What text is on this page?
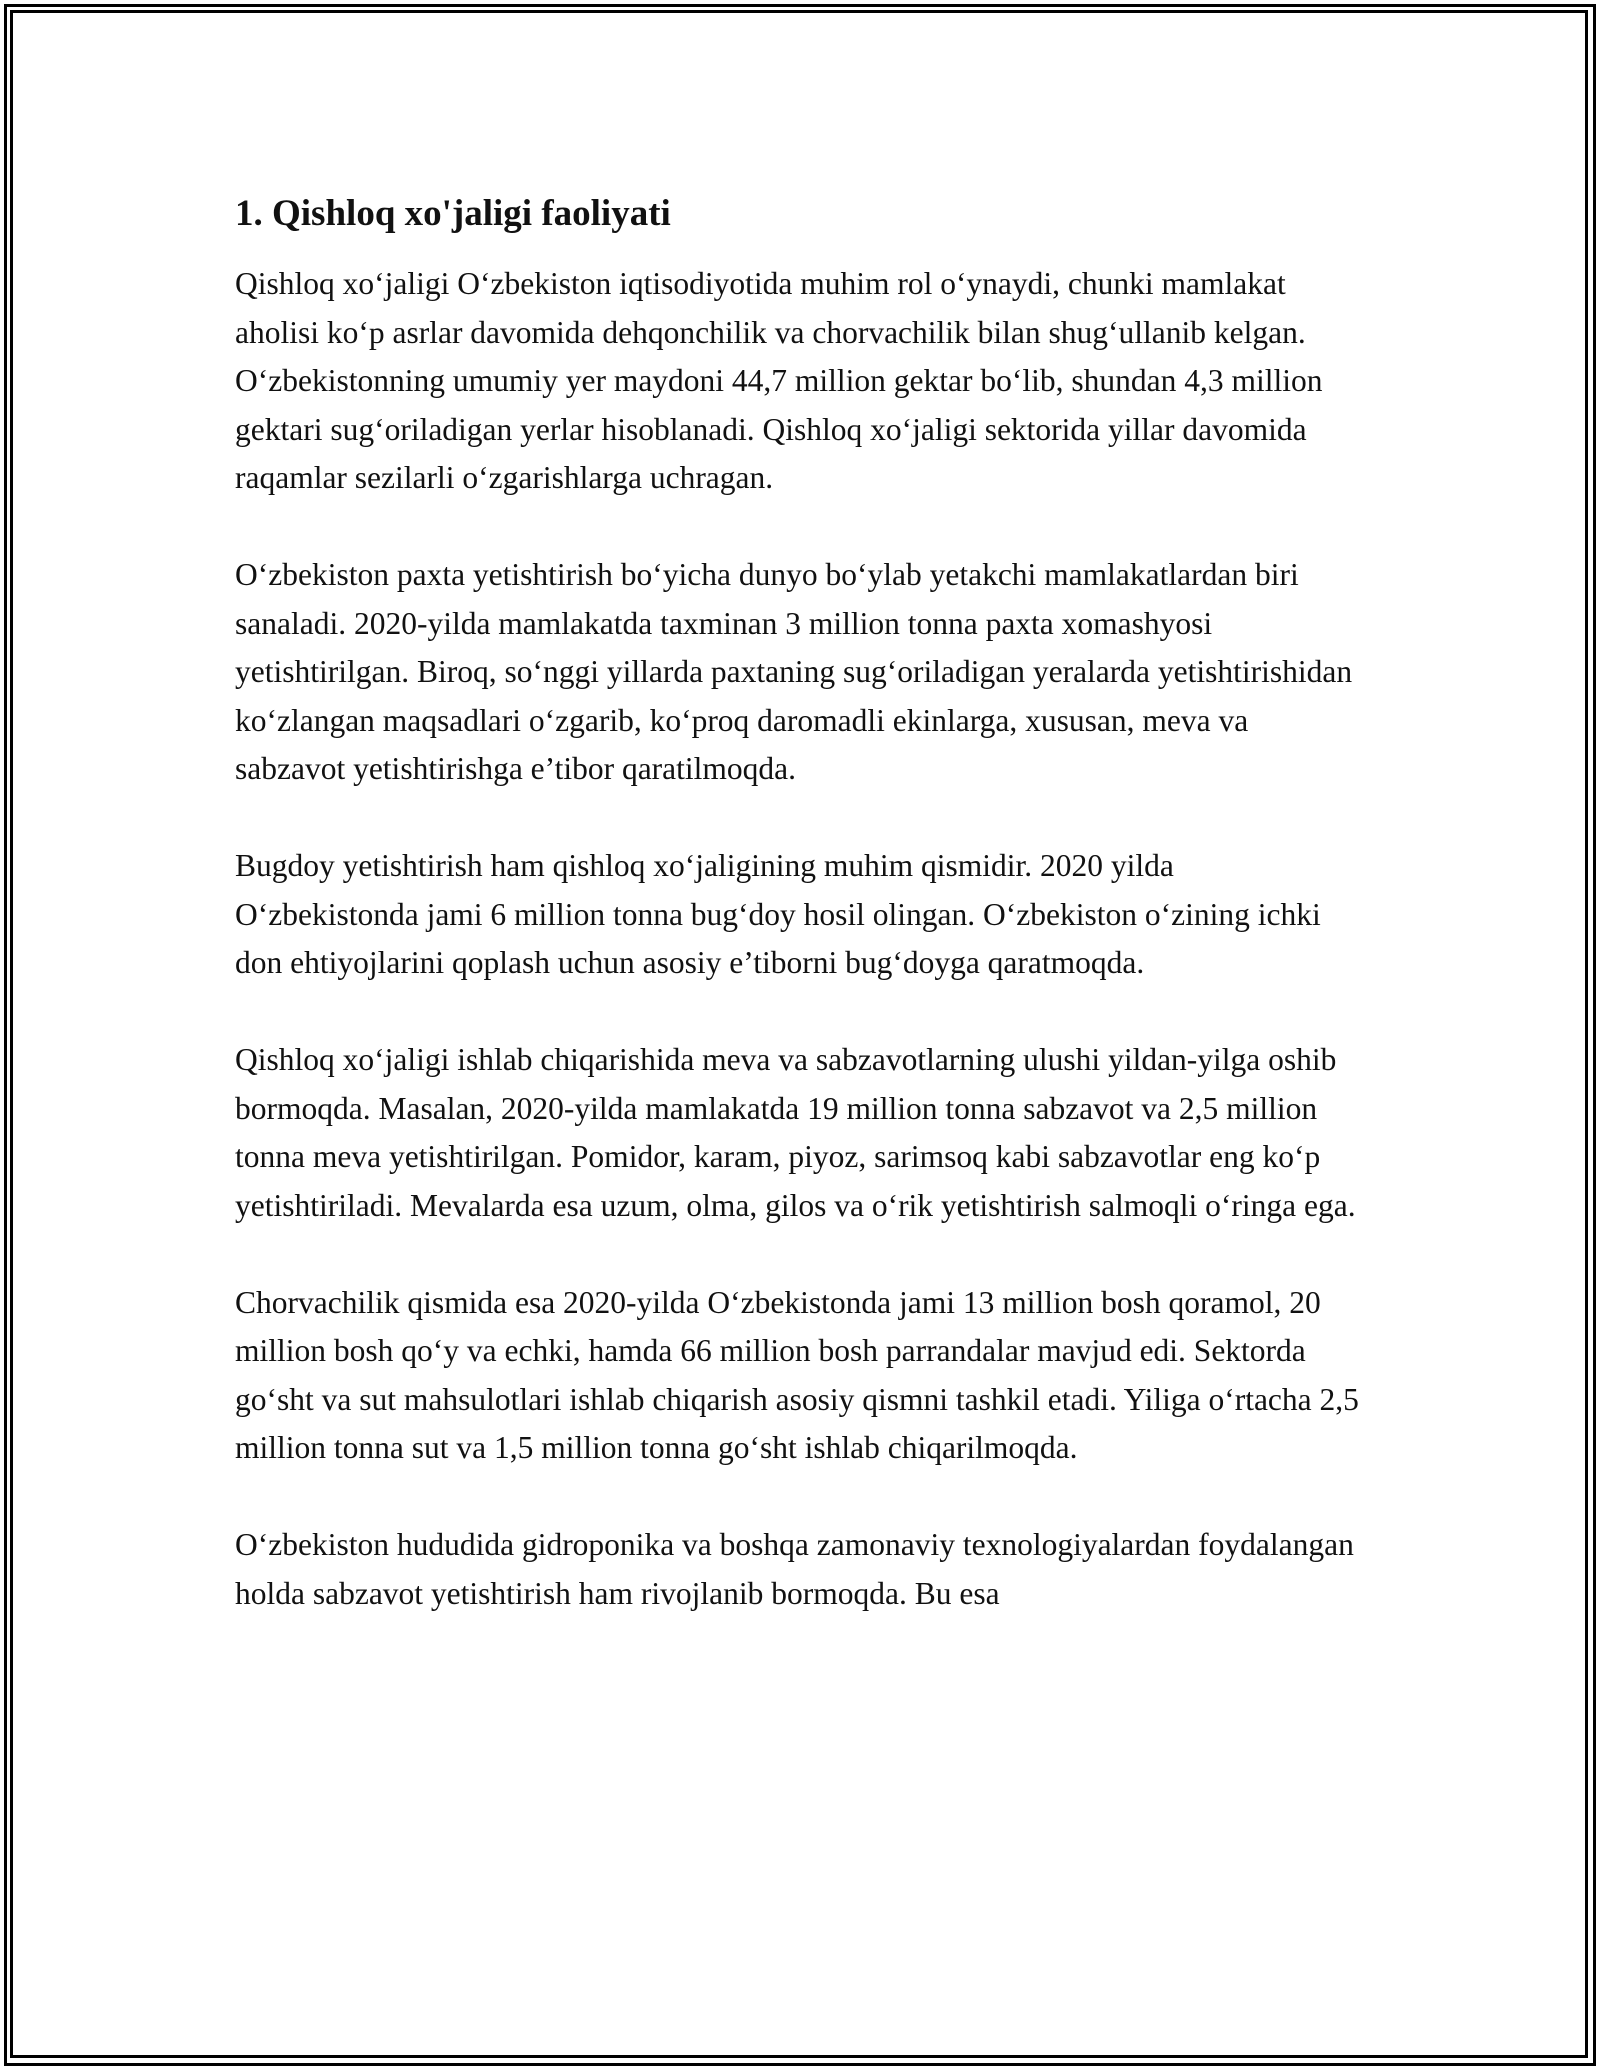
1. Qishloq xo'jaligi faoliyati

Qishloq xo‘jaligi O‘zbekiston iqtisodiyotida muhim rol o‘ynaydi, chunki mamlakat aholisi ko‘p asrlar davomida dehqonchilik va chorvachilik bilan shug‘ullanib kelgan. O‘zbekistonning umumiy yer maydoni 44,7 million gektar bo‘lib, shundan 4,3 million gektari sug‘oriladigan yerlar hisoblanadi. Qishloq xo‘jaligi sektorida yillar davomida raqamlar sezilarli o‘zgarishlarga uchragan.

O‘zbekiston paxta yetishtirish bo‘yicha dunyo bo‘ylab yetakchi mamlakatlardan biri sanaladi. 2020-yilda mamlakatda taxminan 3 million tonna paxta xomashyosi yetishtirilgan. Biroq, so‘nggi yillarda paxtaning sug‘oriladigan yeralarda yetishtirishidan ko‘zlangan maqsadlari o‘zgarib, ko‘proq daromadli ekinlarga, xususan, meva va sabzavot yetishtirishga e’tibor qaratilmoqda.

Bugdoy yetishtirish ham qishloq xo‘jaligining muhim qismidir. 2020 yilda O‘zbekistonda jami 6 million tonna bug‘doy hosil olingan. O‘zbekiston o‘zining ichki don ehtiyojlarini qoplash uchun asosiy e’tiborni bug‘doyga qaratmoqda.

Qishloq xo‘jaligi ishlab chiqarishida meva va sabzavotlarning ulushi yildan-yilga oshib bormoqda. Masalan, 2020-yilda mamlakatda 19 million tonna sabzavot va 2,5 million tonna meva yetishtirilgan. Pomidor, karam, piyoz, sarimsoq kabi sabzavotlar eng ko‘p yetishtiriladi. Mevalarda esa uzum, olma, gilos va o‘rik yetishtirish salmoqli o‘ringa ega.

Chorvachilik qismida esa 2020-yilda O‘zbekistonda jami 13 million bosh qoramol, 20 million bosh qo‘y va echki, hamda 66 million bosh parrandalar mavjud edi. Sektorda go‘sht va sut mahsulotlari ishlab chiqarish asosiy qismni tashkil etadi. Yiliga o‘rtacha 2,5 million tonna sut va 1,5 million tonna go‘sht ishlab chiqarilmoqda.

O‘zbekiston hududida gidroponika va boshqa zamonaviy texnologiyalardan foydalangan holda sabzavot yetishtirish ham rivojlanib bormoqda. Bu esa
